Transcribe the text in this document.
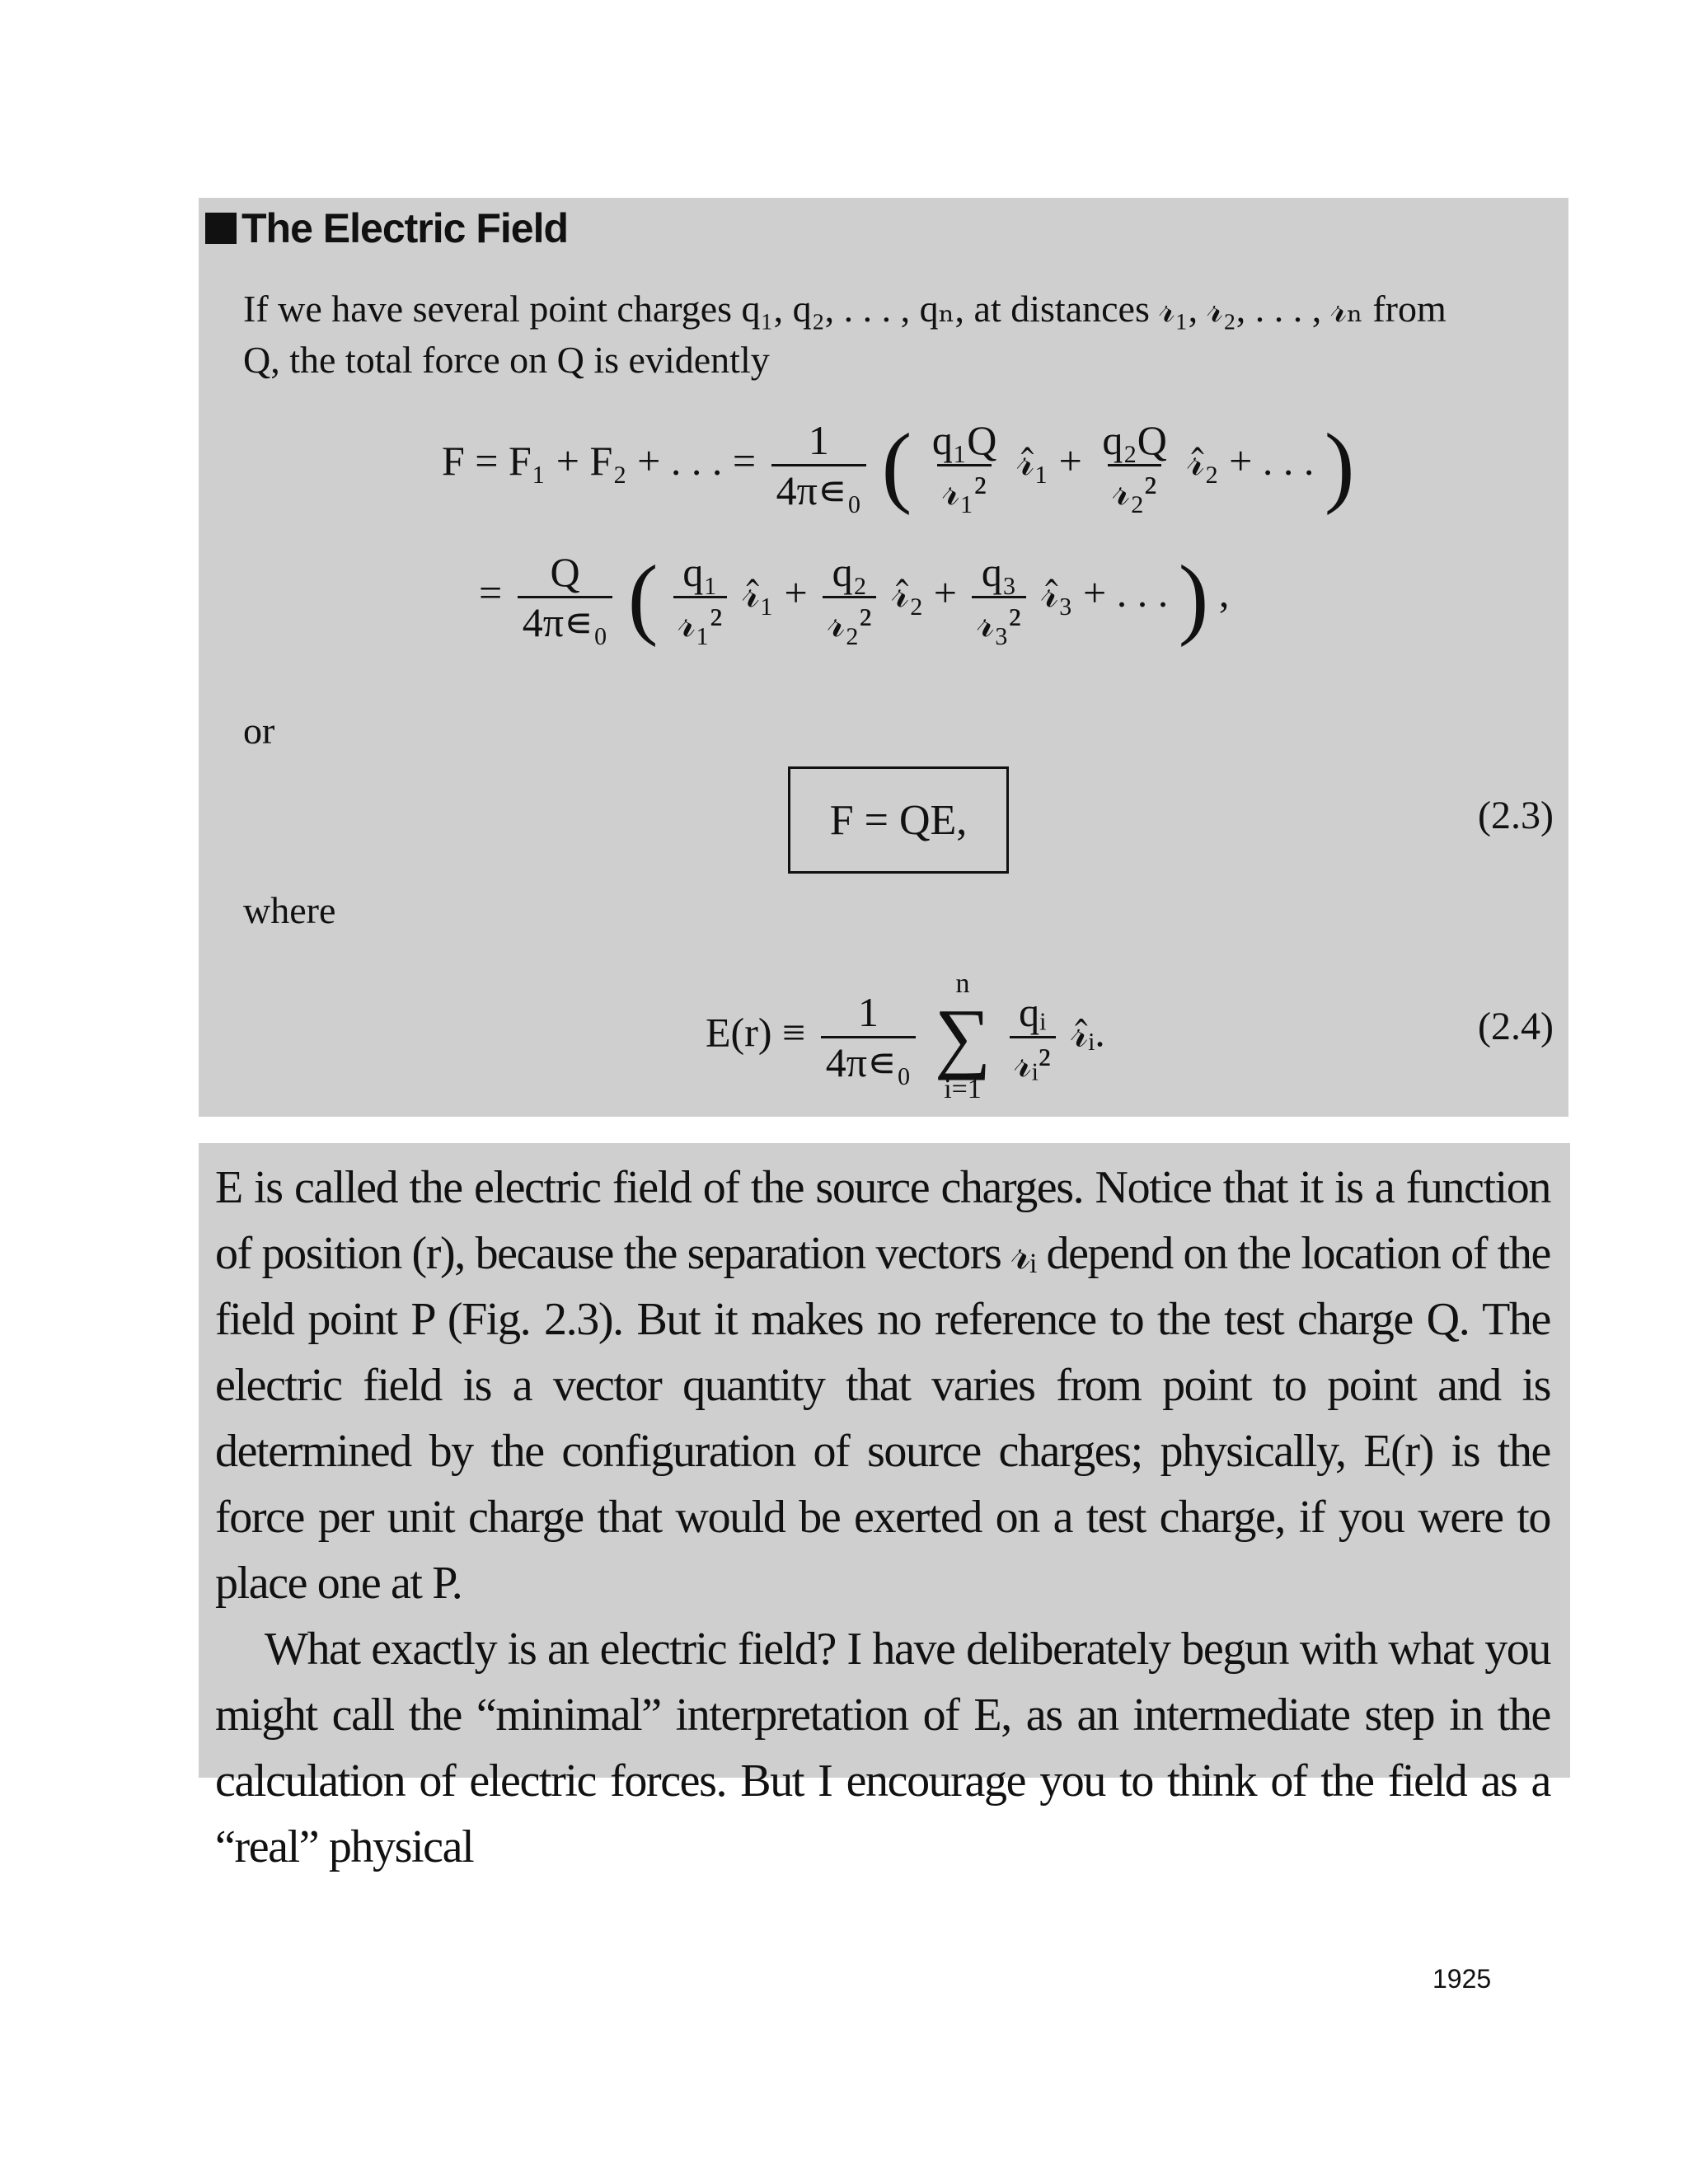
The Electric Field
If we have several point charges q₁, q₂, . . . , qₙ, at distances 𝓇₁, 𝓇₂, . . . , 𝓇ₙ from
Q, the total force on Q is evidently
F = F₁ + F₂ + . . . = $\frac{1}{\text{4π∊₀}}$ ( $\frac{\text{q₁Q}}{\text{𝓇₁²}}$ 𝓇̂₁ + $\frac{\text{q₂Q}}{\text{𝓇₂²}}$ 𝓇̂₂ + . . . )
= $\frac{Q}{\text{4π∊₀}}$ ( $\frac{\text{q₁}}{\text{𝓇₁²}}$ 𝓇̂₁ + $\frac{\text{q₂}}{\text{𝓇₂²}}$ 𝓇̂₂ + $\frac{\text{q₃}}{\text{𝓇₃²}}$ 𝓇̂₃ + . . . ) ,
or
F = QE,	(2.3)
where
$E(r) \equiv \frac{1}{\text{4π∊₀}}$

n
∑
i=1

$\frac{\text{qᵢ}}{\text{𝓇ᵢ²}}$ 𝓇̂ᵢ.	(2.4)

E is called the electric field of the source charges. Notice that it is a function of position (r), because the separation vectors 𝓇ᵢ depend on the location of the field point P (Fig. 2.3). But it makes no reference to the test charge Q. The electric field is a vector quantity that varies from point to point and is determined by the configuration of source charges; physically, E(r) is the force per unit charge that would be exerted on a test charge, if you were to place one at P.

What exactly is an electric field? I have deliberately begun with what you might call the “minimal” interpretation of E, as an intermediate step in the calculation of electric forces. But I encourage you to think of the field as a “real” physical

1925
